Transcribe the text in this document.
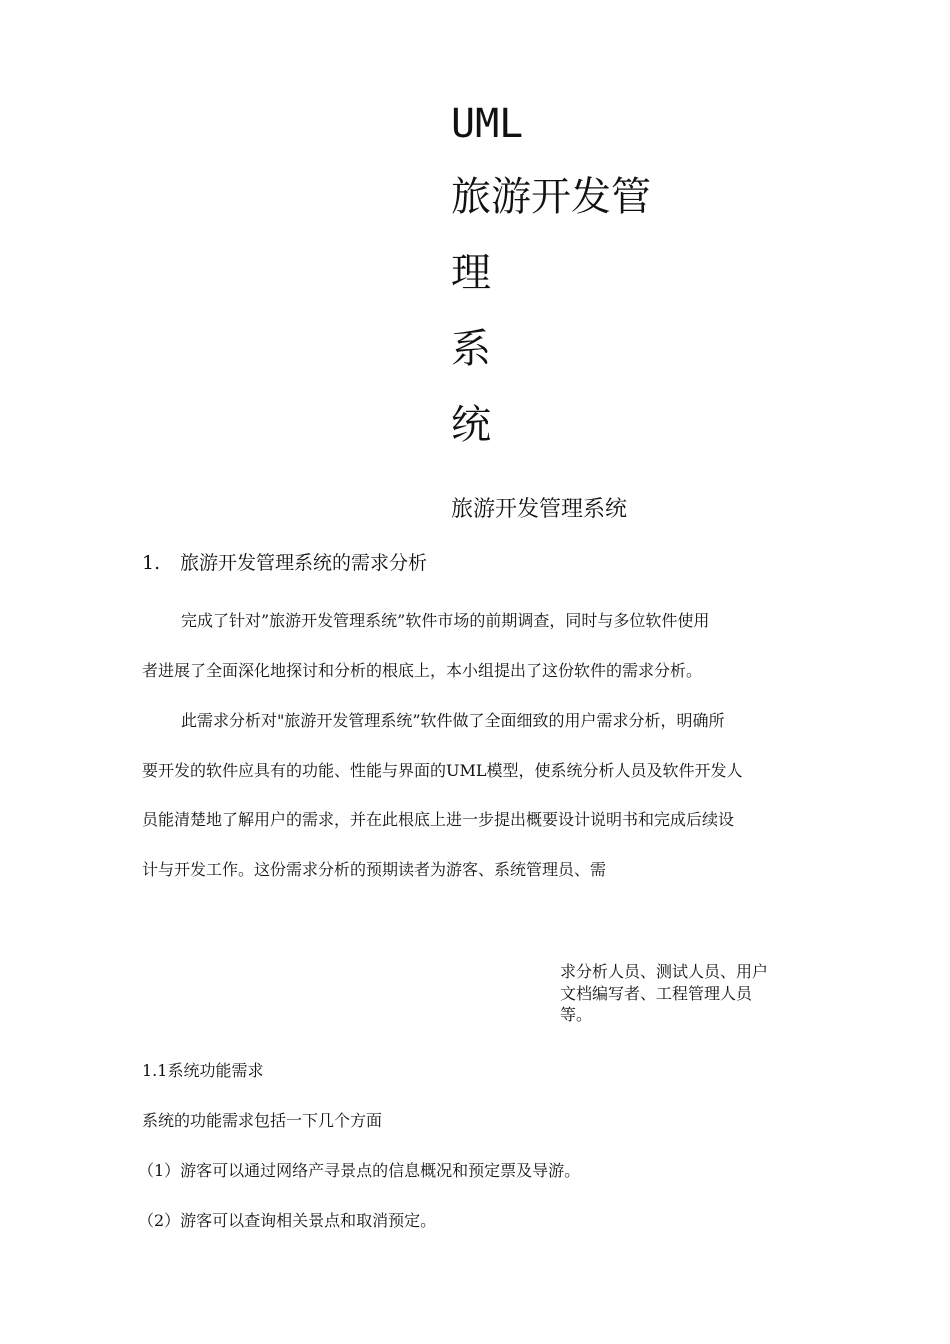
UML
旅游开发管
理
系
统
旅游开发管理系统
1. 旅游开发管理系统的需求分析
完成了针对”旅游开发管理系统”软件市场的前期调查，同时与多位软件使用
者进展了全面深化地探讨和分析的根底上，本小组提出了这份软件的需求分析。
此需求分析对"旅游开发管理系统”软件做了全面细致的用户需求分析，明确所
要开发的软件应具有的功能、性能与界面的UML模型，使系统分析人员及软件开发人
员能清楚地了解用户的需求，并在此根底上进一步提出概要设计说明书和完成后续设
计与开发工作。这份需求分析的预期读者为游客、系统管理员、需
求分析人员、测试人员、用户
文档编写者、工程管理人员
等。
1.1系统功能需求
系统的功能需求包括一下几个方面
（1）游客可以通过网络产寻景点的信息概况和预定票及导游。
（2）游客可以查询相关景点和取消预定。
